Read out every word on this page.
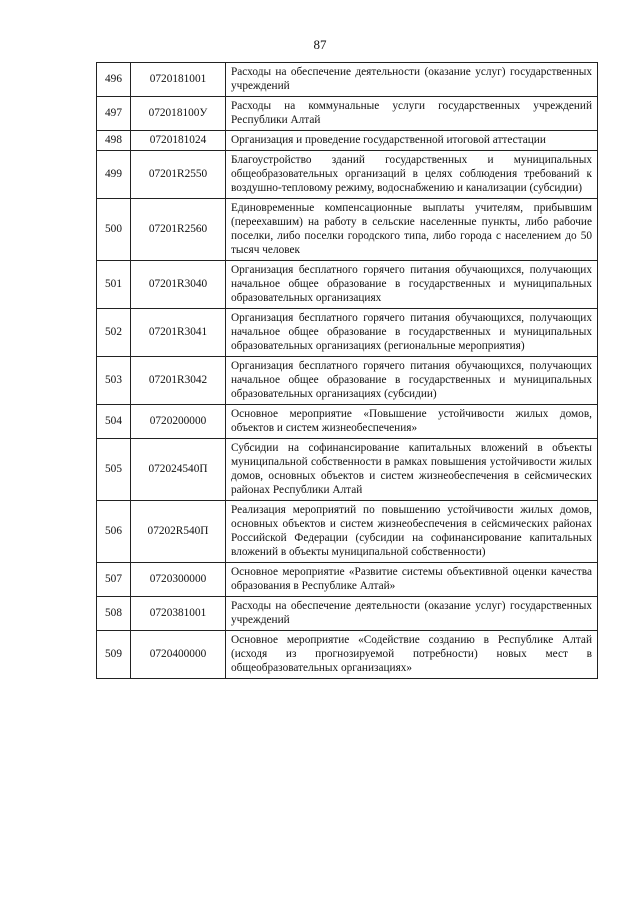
87
496	0720181001	Расходы на обеспечение деятельности (оказание услуг) государственных учреждений
497	072018100У	Расходы на коммунальные услуги государственных учреждений Республики Алтай
498	0720181024	Организация и проведение государственной итоговой аттестации
499	07201R2550	Благоустройство зданий государственных и муниципальных общеобразовательных организаций в целях соблюдения требований к воздушно-тепловому режиму, водоснабжению и канализации (субсидии)
500	07201R2560	Единовременные компенсационные выплаты учителям, прибывшим (переехавшим) на работу в сельские населенные пункты, либо рабочие поселки, либо поселки городского типа, либо города с населением до 50 тысяч человек
501	07201R3040	Организация бесплатного горячего питания обучающихся, получающих начальное общее образование в государственных и муниципальных образовательных организациях
502	07201R3041	Организация бесплатного горячего питания обучающихся, получающих начальное общее образование в государственных и муниципальных образовательных организациях (региональные мероприятия)
503	07201R3042	Организация бесплатного горячего питания обучающихся, получающих начальное общее образование в государственных и муниципальных образовательных организациях (субсидии)
504	0720200000	Основное мероприятие «Повышение устойчивости жилых домов, объектов и систем жизнеобеспечения»
505	072024540П	Субсидии на софинансирование капитальных вложений в объекты муниципальной собственности в рамках повышения устойчивости жилых домов, основных объектов и систем жизнеобеспечения в сейсмических районах Республики Алтай
506	07202R540П	Реализация мероприятий по повышению устойчивости жилых домов, основных объектов и систем жизнеобеспечения в сейсмических районах Российской Федерации (субсидии на софинансирование капитальных вложений в объекты муниципальной собственности)
507	0720300000	Основное мероприятие «Развитие системы объективной оценки качества образования в Республике Алтай»
508	0720381001	Расходы на обеспечение деятельности (оказание услуг) государственных учреждений
509	0720400000	Основное мероприятие «Содействие созданию в Республике Алтай (исходя из прогнозируемой потребности) новых мест в общеобразовательных организациях»
